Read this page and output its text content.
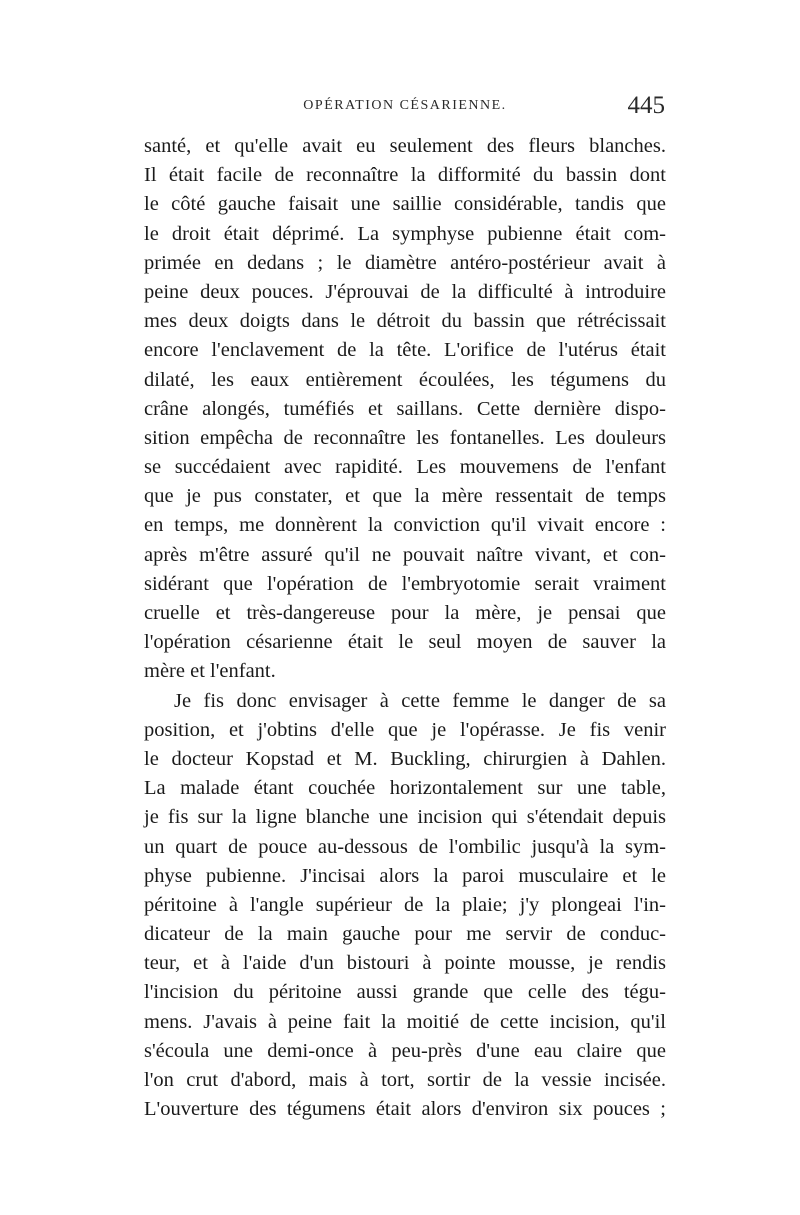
OPÉRATION CÉSARIENNE.	445
santé, et qu'elle avait eu seulement des fleurs blanches.
Il était facile de reconnaître la difformité du bassin dont
le côté gauche faisait une saillie considérable, tandis que
le droit était déprimé. La symphyse pubienne était com-
primée en dedans ; le diamètre antéro-postérieur avait à
peine deux pouces. J'éprouvai de la difficulté à introduire
mes deux doigts dans le détroit du bassin que rétrécissait
encore l'enclavement de la tête. L'orifice de l'utérus était
dilaté, les eaux entièrement écoulées, les tégumens du
crâne alongés, tuméfiés et saillans. Cette dernière dispo-
sition empêcha de reconnaître les fontanelles. Les douleurs
se succédaient avec rapidité. Les mouvemens de l'enfant
que je pus constater, et que la mère ressentait de temps
en temps, me donnèrent la conviction qu'il vivait encore :
après m'être assuré qu'il ne pouvait naître vivant, et con-
sidérant que l'opération de l'embryotomie serait vraiment
cruelle et très-dangereuse pour la mère, je pensai que
l'opération césarienne était le seul moyen de sauver la
mère et l'enfant.
Je fis donc envisager à cette femme le danger de sa
position, et j'obtins d'elle que je l'opérasse. Je fis venir
le docteur Kopstad et M. Buckling, chirurgien à Dahlen.
La malade étant couchée horizontalement sur une table,
je fis sur la ligne blanche une incision qui s'étendait depuis
un quart de pouce au-dessous de l'ombilic jusqu'à la sym-
physe pubienne. J'incisai alors la paroi musculaire et le
péritoine à l'angle supérieur de la plaie; j'y plongeai l'in-
dicateur de la main gauche pour me servir de conduc-
teur, et à l'aide d'un bistouri à pointe mousse, je rendis
l'incision du péritoine aussi grande que celle des tégu-
mens. J'avais à peine fait la moitié de cette incision, qu'il
s'écoula une demi-once à peu-près d'une eau claire que
l'on crut d'abord, mais à tort, sortir de la vessie incisée.
L'ouverture des tégumens était alors d'environ six pouces ;
